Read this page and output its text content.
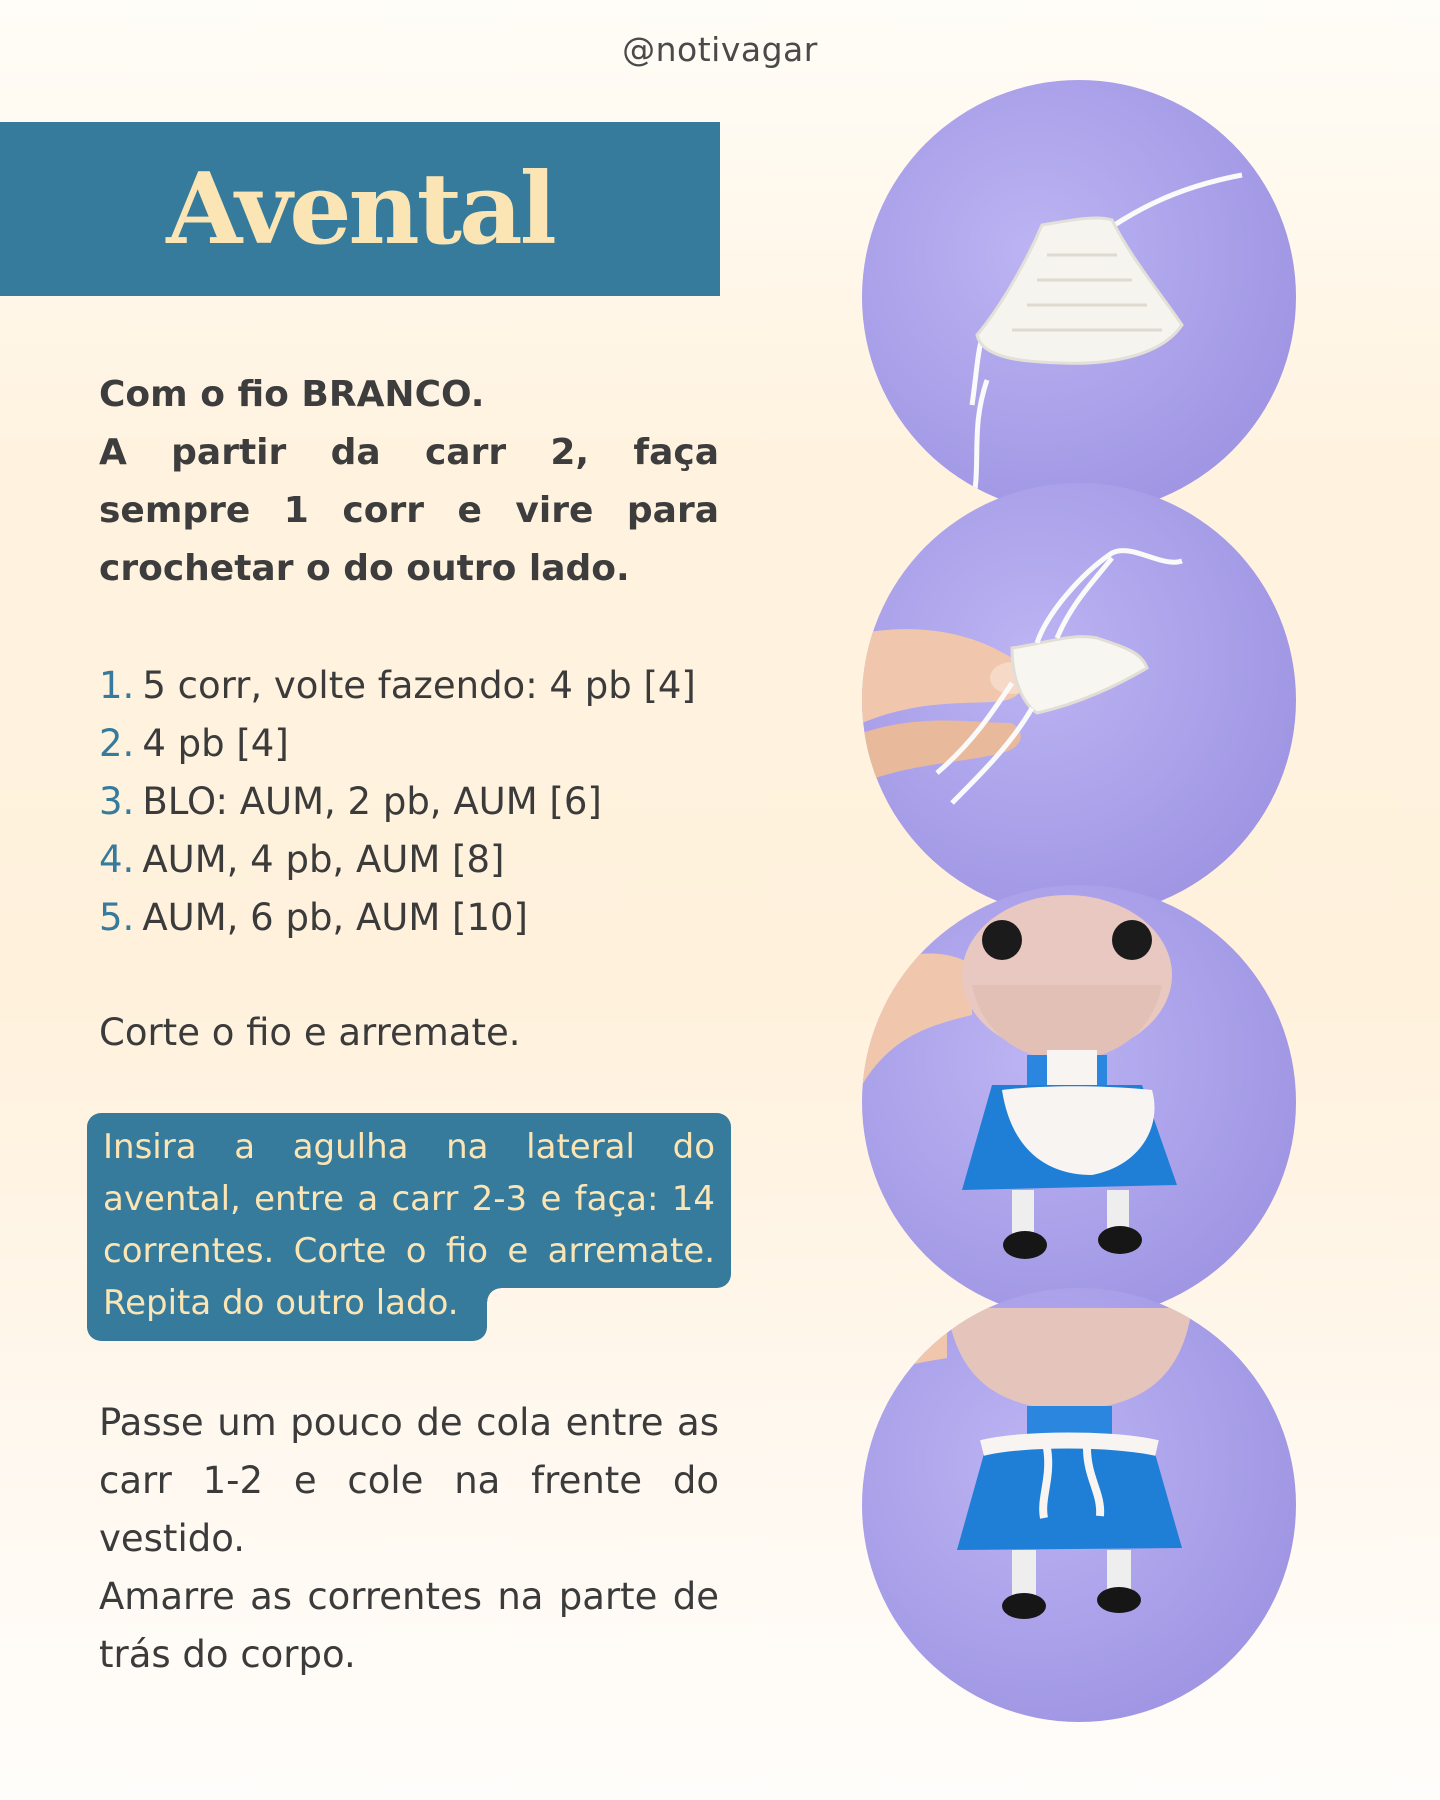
@notivagar
Avental

Com o fio BRANCO.

A partir da carr 2, faça sempre 1 corr e vire para crochetar o do outro lado.

1. 5 corr, volte fazendo: 4 pb [4]
2. 4 pb [4]
3. BLO: AUM, 2 pb, AUM [6]
4. AUM, 4 pb, AUM [8]
5. AUM, 6 pb, AUM [10]
Corte o fio e arremate.
Insira a agulha na lateral do
avental, entre a carr 2-3 e faça: 14
correntes. Corte o fio e arremate.
Repita do outro lado.

Passe um pouco de cola entre as carr 1-2 e cole na frente do vestido.

Amarre as correntes na parte de trás do corpo.
